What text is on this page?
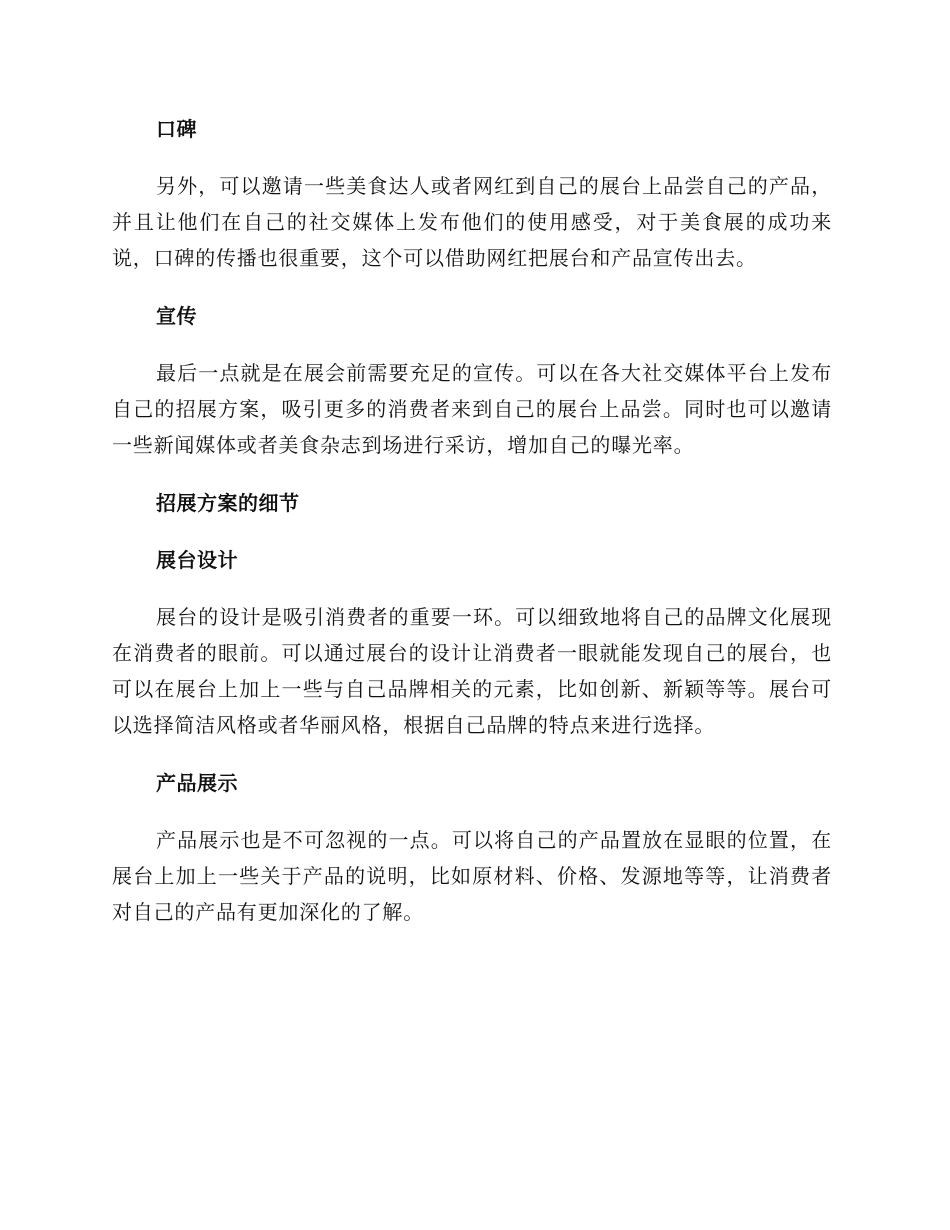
口碑

另外，可以邀请一些美食达人或者网红到自己的展台上品尝自己的产品，并且让他们在自己的社交媒体上发布他们的使用感受，对于美食展的成功来说，口碑的传播也很重要，这个可以借助网红把展台和产品宣传出去。

宣传

最后一点就是在展会前需要充足的宣传。可以在各大社交媒体平台上发布自己的招展方案，吸引更多的消费者来到自己的展台上品尝。同时也可以邀请一些新闻媒体或者美食杂志到场进行采访，增加自己的曝光率。

招展方案的细节
展台设计

展台的设计是吸引消费者的重要一环。可以细致地将自己的品牌文化展现在消费者的眼前。可以通过展台的设计让消费者一眼就能发现自己的展台，也可以在展台上加上一些与自己品牌相关的元素，比如创新、新颖等等。展台可以选择简洁风格或者华丽风格，根据自己品牌的特点来进行选择。

产品展示

产品展示也是不可忽视的一点。可以将自己的产品置放在显眼的位置，在展台上加上一些关于产品的说明，比如原材料、价格、发源地等等，让消费者对自己的产品有更加深化的了解。
